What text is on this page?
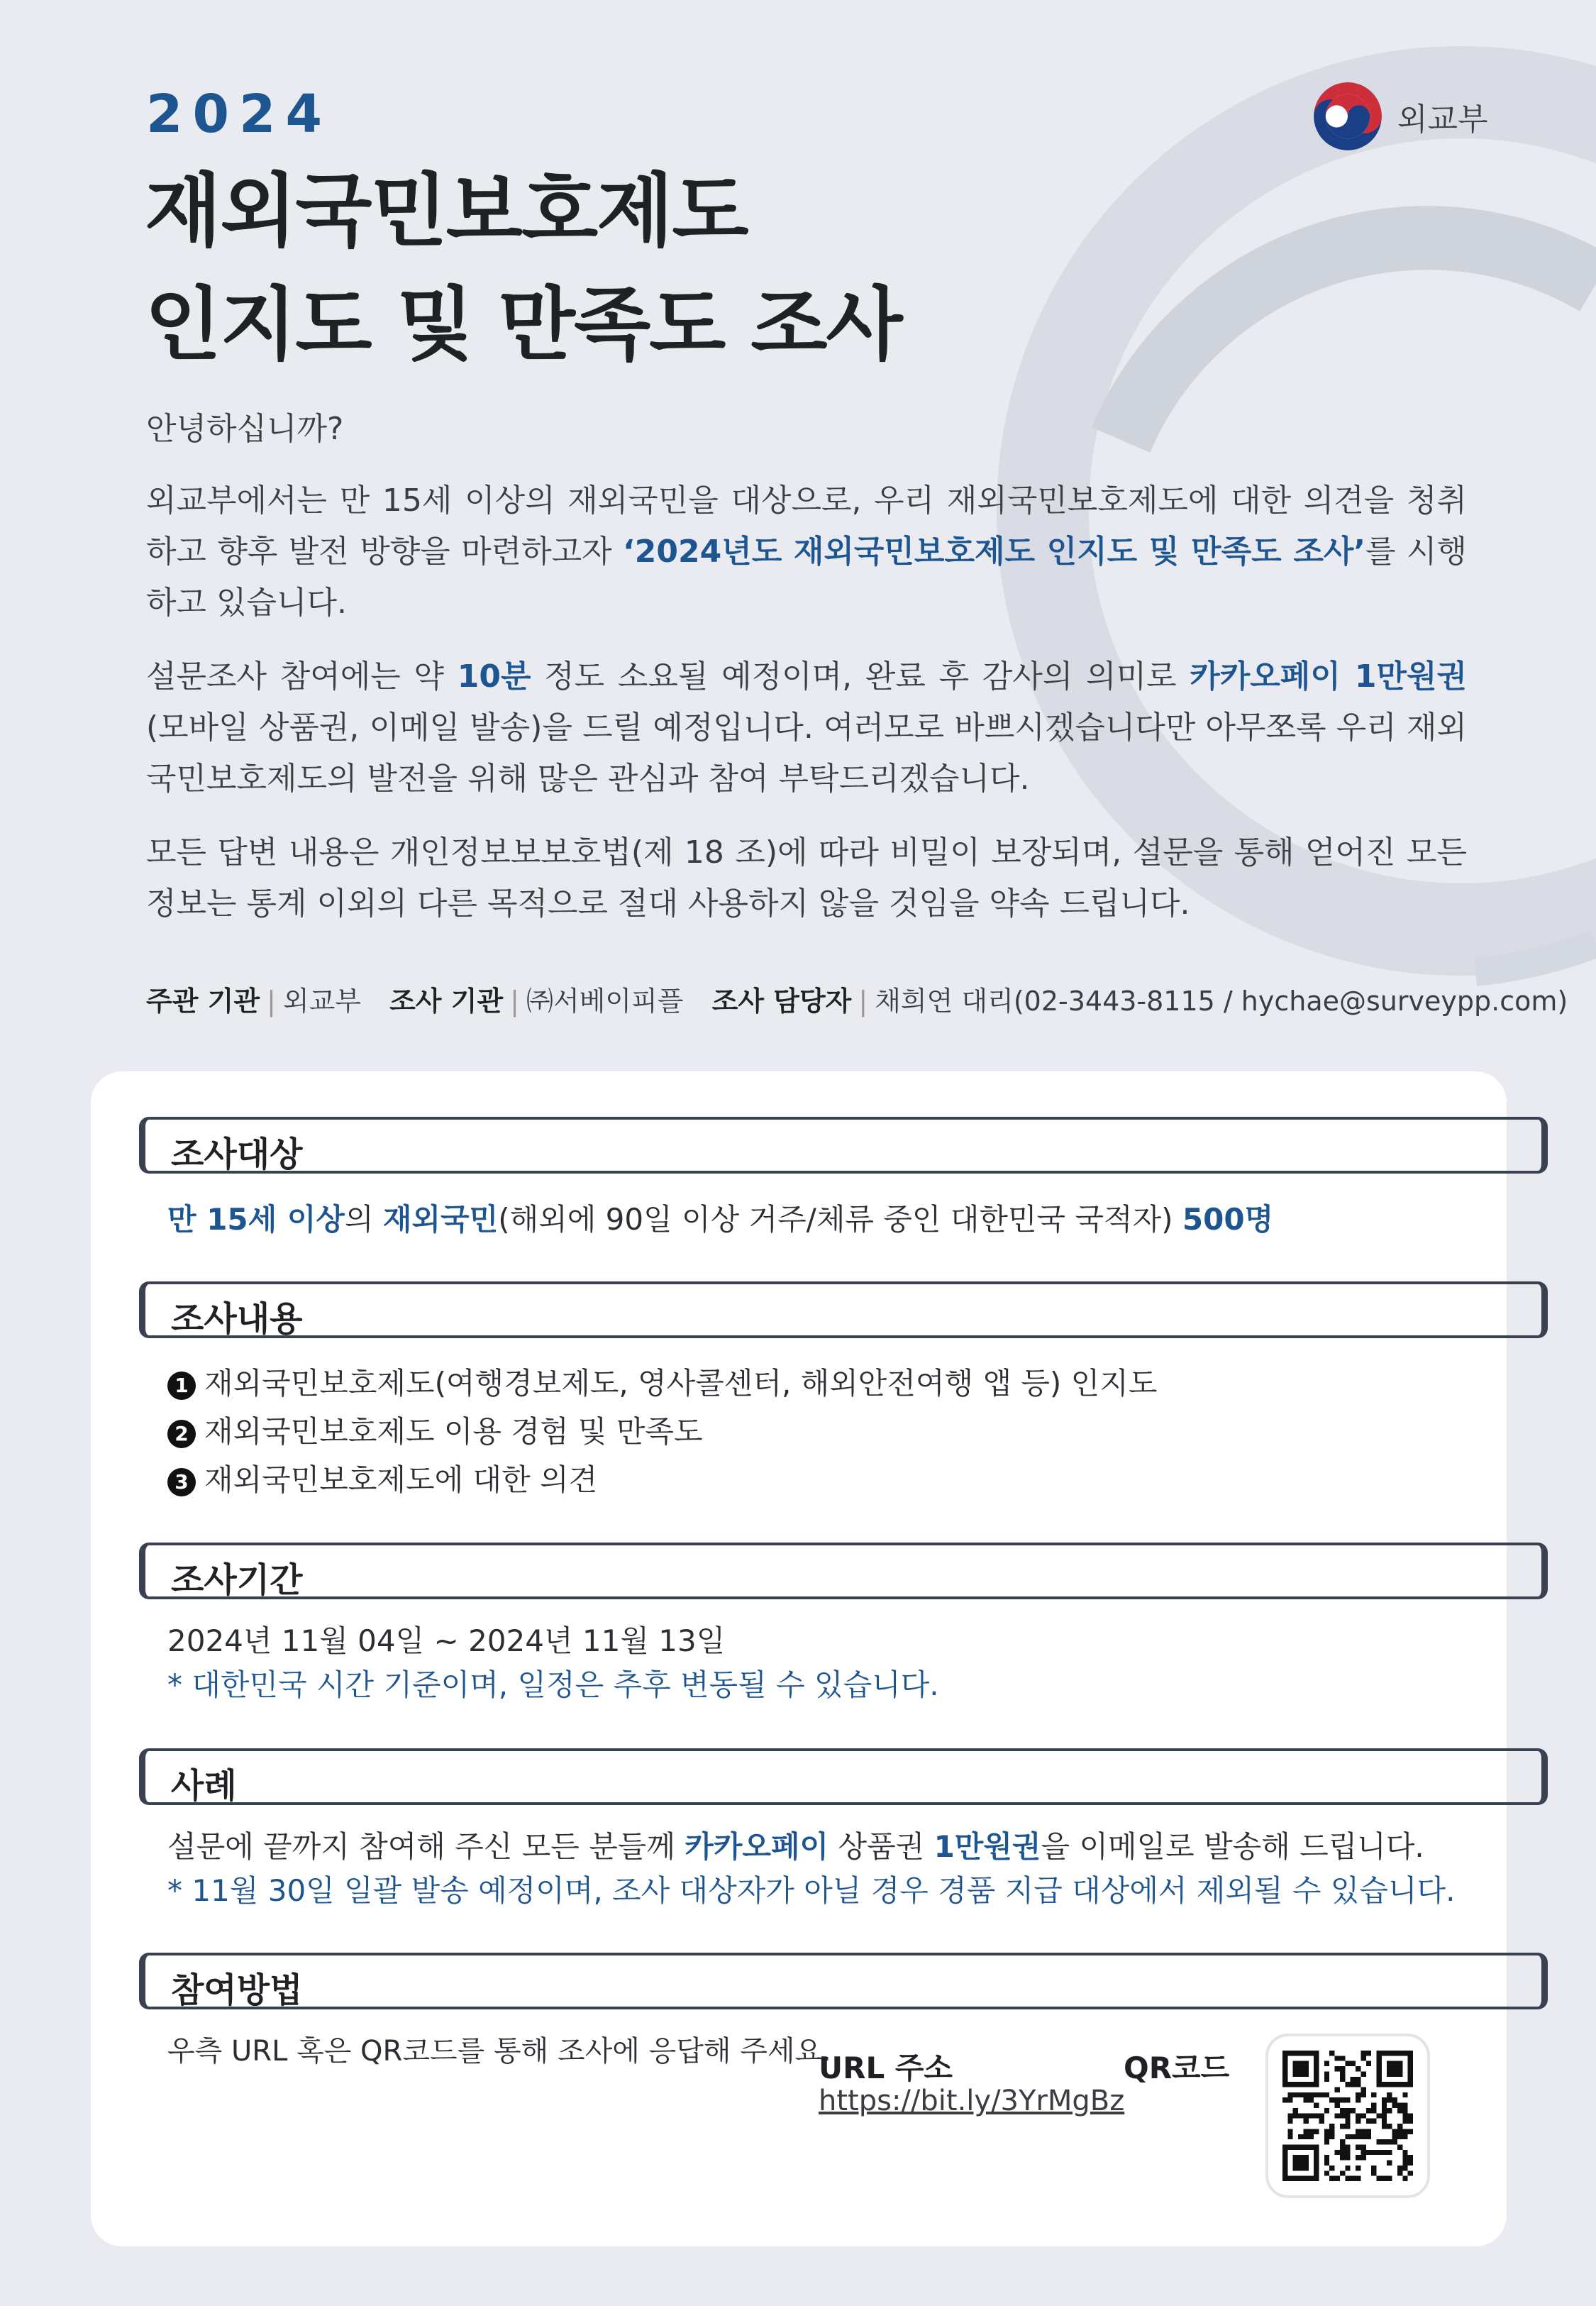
2024
재외국민보호제도
인지도 및 만족도 조사
외교부
안녕하십니까?

외교부에서는 만 15세 이상의 재외국민을 대상으로, 우리 재외국민보호제도에 대한 의견을 청취하고 향후 발전 방향을 마련하고자 ‘2024년도 재외국민보호제도 인지도 및 만족도 조사’를 시행하고 있습니다.

설문조사 참여에는 약 10분 정도 소요될 예정이며, 완료 후 감사의 의미로 카카오페이 1만원권(모바일 상품권, 이메일 발송)을 드릴 예정입니다. 여러모로 바쁘시겠습니다만 아무쪼록 우리 재외국민보호제도의 발전을 위해 많은 관심과 참여 부탁드리겠습니다.

모든 답변 내용은 개인정보보보호법(제 18 조)에 따라 비밀이 보장되며, 설문을 통해 얻어진 모든 정보는 통계 이외의 다른 목적으로 절대 사용하지 않을 것임을 약속 드립니다.

주관 기관 | 외교부 조사 기관 | ㈜서베이피플 조사 담당자 | 채희연 대리(02-3443-8115 / hychae@surveypp.com)
조사대상
만 15세 이상의 재외국민(해외에 90일 이상 거주/체류 중인 대한민국 국적자) 500명
조사내용
1 재외국민보호제도(여행경보제도, 영사콜센터, 해외안전여행 앱 등) 인지도
2 재외국민보호제도 이용 경험 및 만족도
3 재외국민보호제도에 대한 의견
조사기간
2024년 11월 04일 ~ 2024년 11월 13일
* 대한민국 시간 기준이며, 일정은 추후 변동될 수 있습니다.
사례
설문에 끝까지 참여해 주신 모든 분들께 카카오페이 상품권 1만원권을 이메일로 발송해 드립니다.
* 11월 30일 일괄 발송 예정이며, 조사 대상자가 아닐 경우 경품 지급 대상에서 제외될 수 있습니다.
참여방법
우측 URL 혹은 QR코드를 통해 조사에 응답해 주세요.
URL 주소
https://bit.ly/3YrMgBz
QR코드
